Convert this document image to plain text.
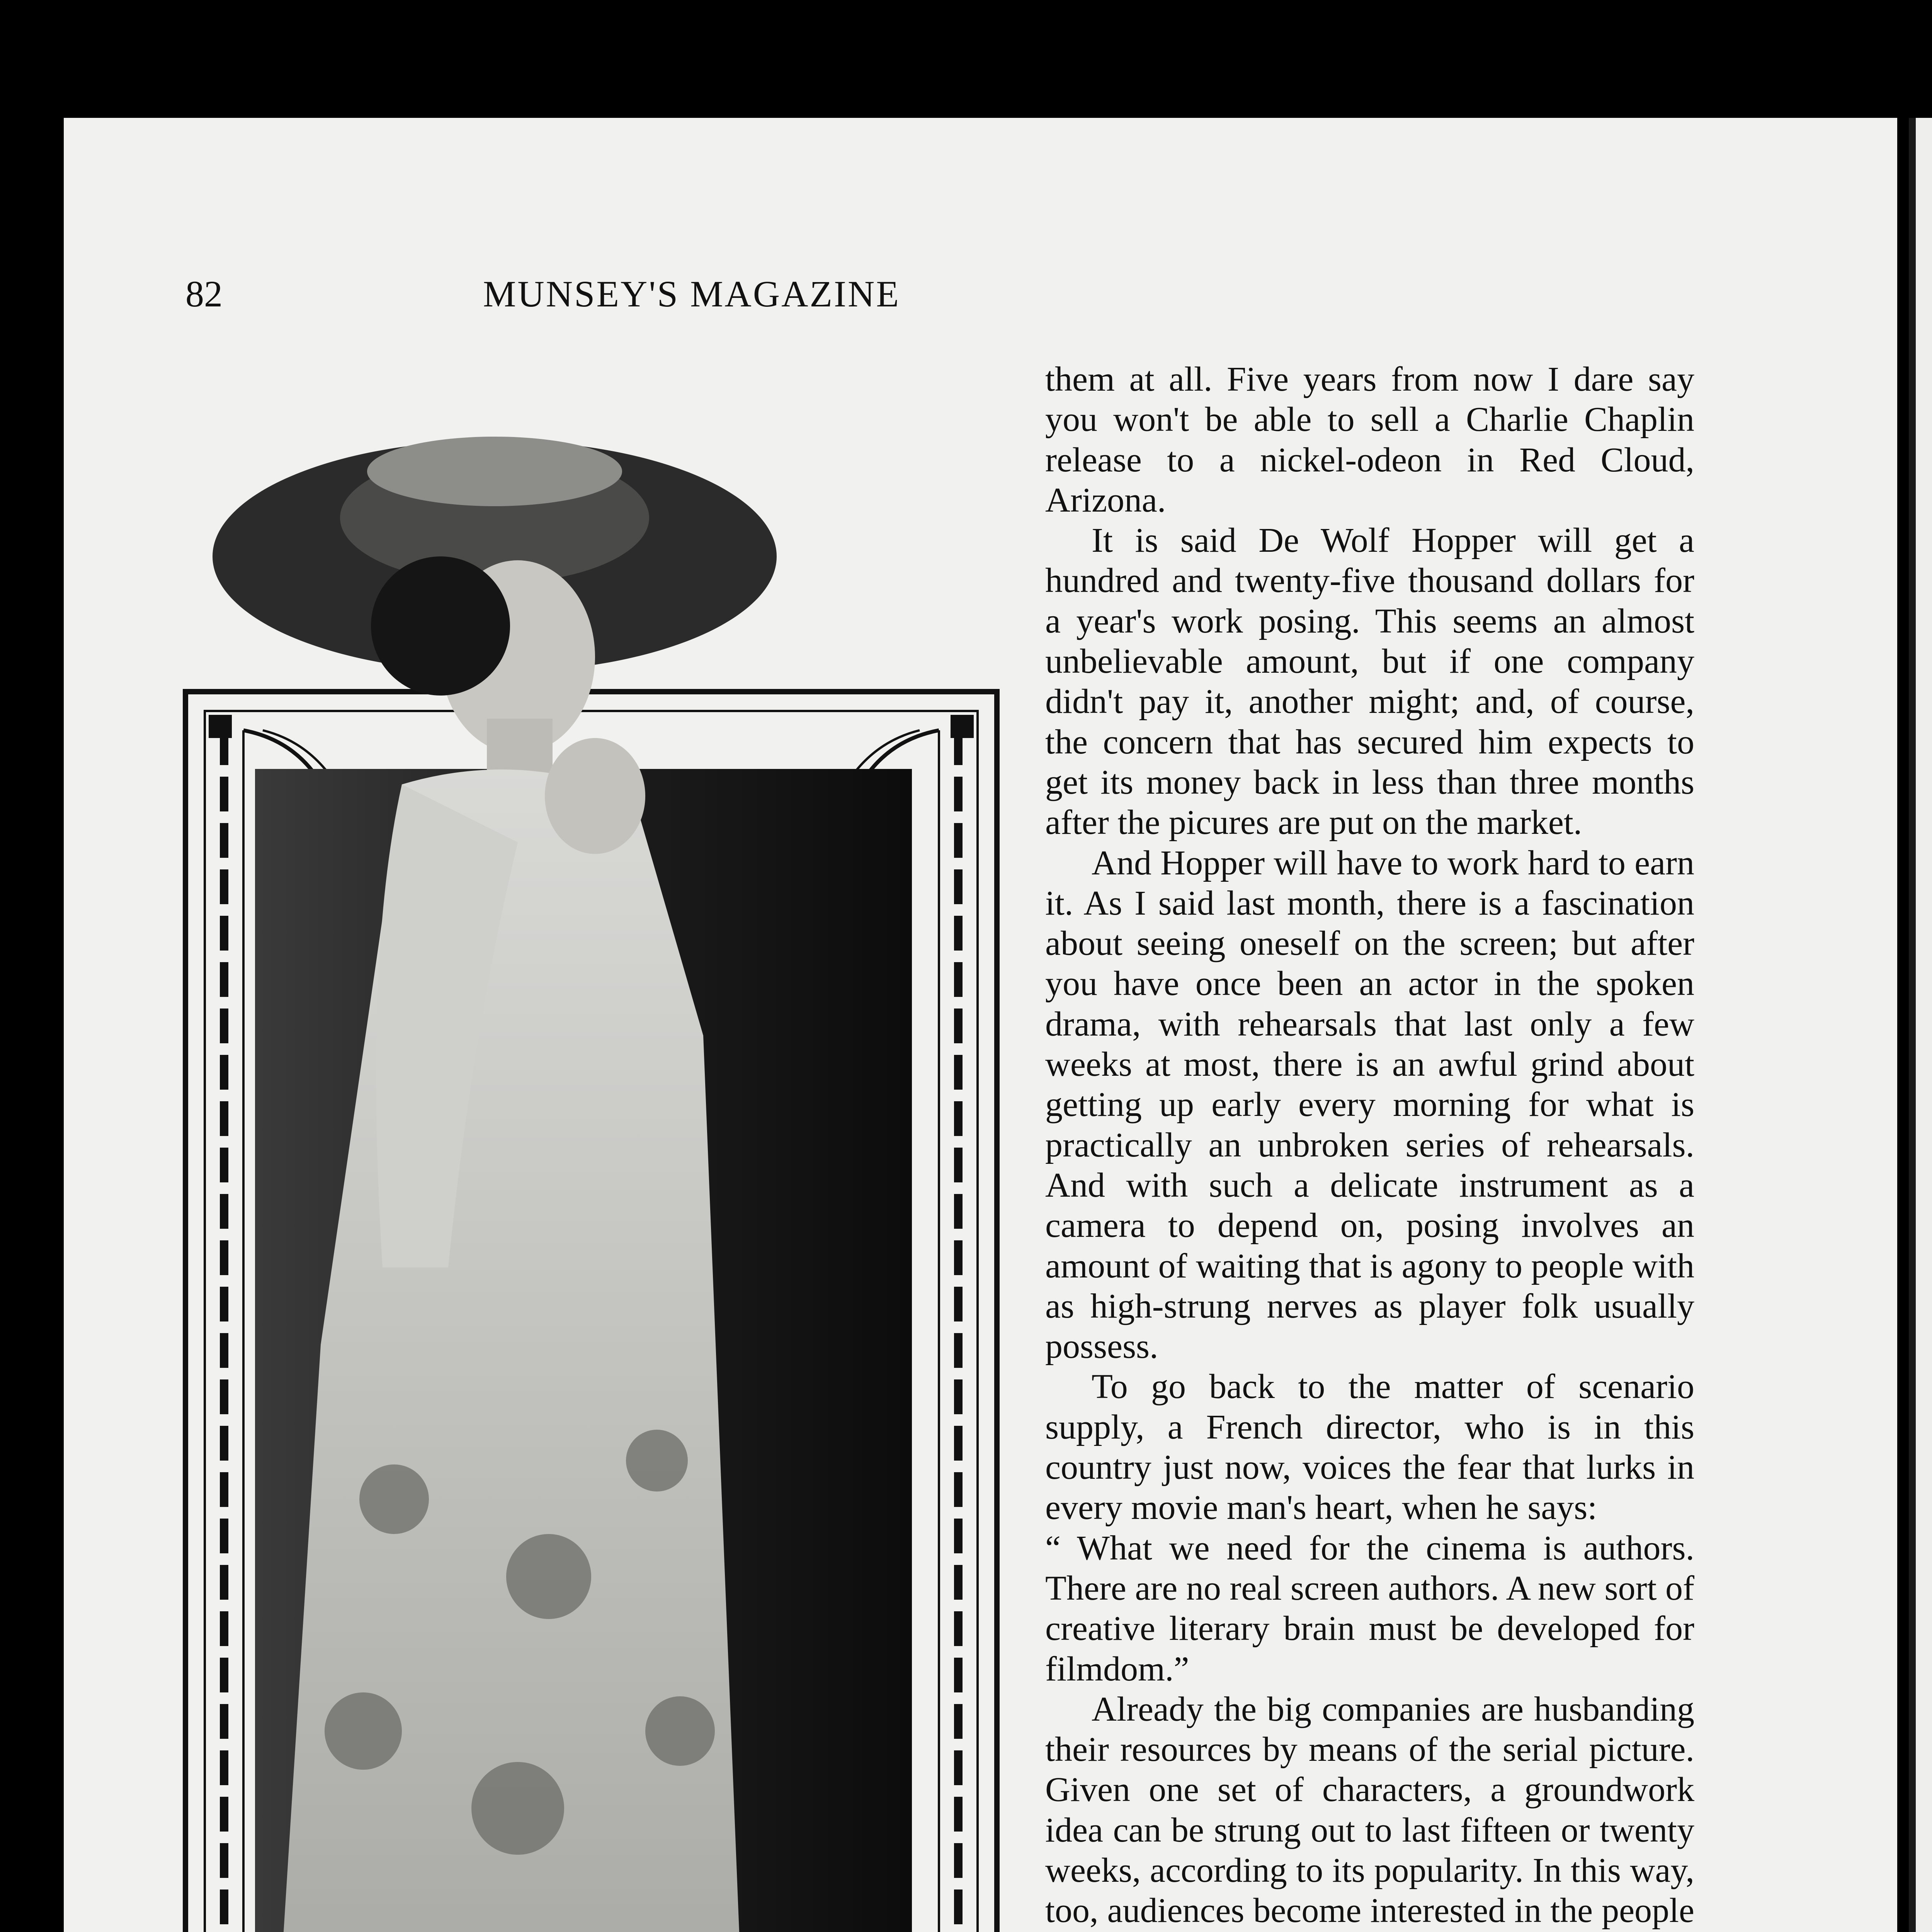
82	MUNSEY'S MAGAZINE

them at all. Five years from now I dare say you won't be able to sell a Charlie Chaplin release to a nickel-odeon in Red Cloud, Arizona.

It is said De Wolf Hopper will get a hundred and twenty-five thousand dollars for a year's work posing. This seems an almost unbelievable amount, but if one company didn't pay it, another might; and, of course, the concern that has secured him expects to get its money back in less than three months after the picures are put on the market.

And Hopper will have to work hard to earn it. As I said last month, there is a fascination about seeing oneself on the screen; but after you have once been an actor in the spoken drama, with rehearsals that last only a few weeks at most, there is an awful grind about getting up early every morning for what is practically an unbroken series of rehearsals. And with such a delicate instrument as a camera to depend on, posing involves an amount of waiting that is agony to people with as high-strung nerves as player folk usually possess.

To go back to the matter of scenario supply, a French director, who is in this country just now, voices the fear that lurks in every movie man's heart, when he says:

“ What we need for the cinema is authors. There are no real screen authors. A new sort of creative literary brain must be developed for filmdom.”

Already the big companies are husbanding their resources by means of the serial picture. Given one set of characters, a groundwork idea can be strung out to last fifteen or twenty weeks, according to its popularity. In this way, too, audiences become interested in the people
